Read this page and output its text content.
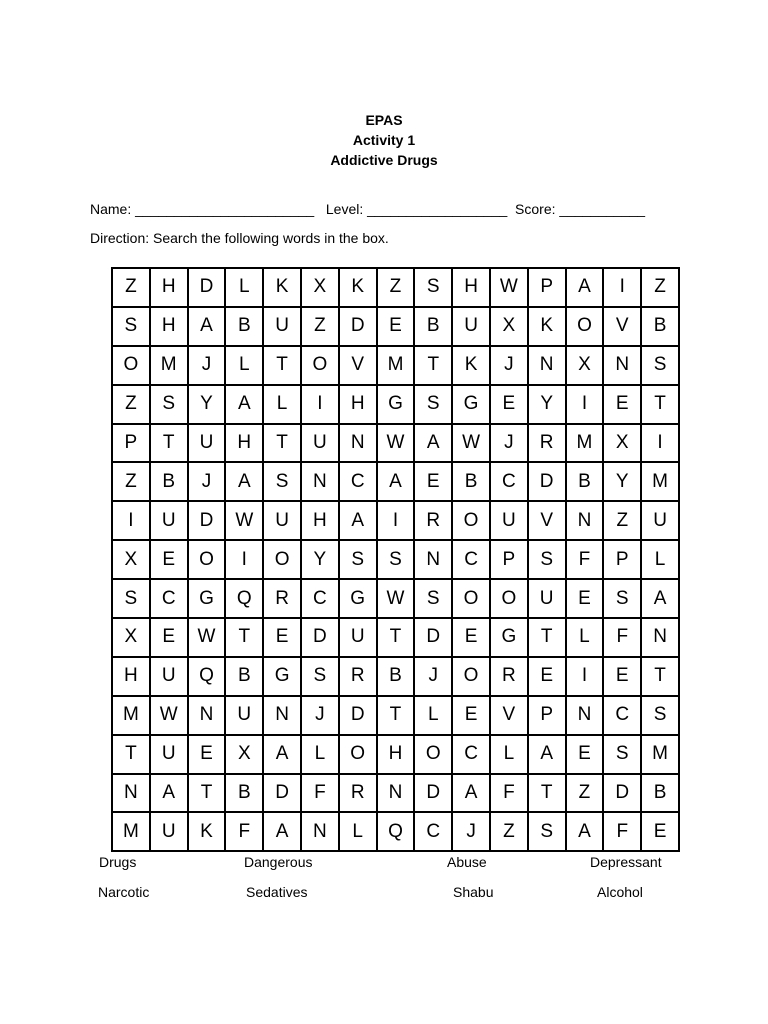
EPAS
Activity 1
Addictive Drugs
Name: _______________________   Level: __________________  Score: ___________
Direction: Search the following words in the box.
Z	H	D	L	K	X	K	Z	S	H	W	P	A	I	Z
S	H	A	B	U	Z	D	E	B	U	X	K	O	V	B
O	M	J	L	T	O	V	M	T	K	J	N	X	N	S
Z	S	Y	A	L	I	H	G	S	G	E	Y	I	E	T
P	T	U	H	T	U	N	W	A	W	J	R	M	X	I
Z	B	J	A	S	N	C	A	E	B	C	D	B	Y	M
I	U	D	W	U	H	A	I	R	O	U	V	N	Z	U
X	E	O	I	O	Y	S	S	N	C	P	S	F	P	L
S	C	G	Q	R	C	G	W	S	O	O	U	E	S	A
X	E	W	T	E	D	U	T	D	E	G	T	L	F	N
H	U	Q	B	G	S	R	B	J	O	R	E	I	E	T
M	W	N	U	N	J	D	T	L	E	V	P	N	C	S
T	U	E	X	A	L	O	H	O	C	L	A	E	S	M
N	A	T	B	D	F	R	N	D	A	F	T	Z	D	B
M	U	K	F	A	N	L	Q	C	J	Z	S	A	F	E
Drugs	Dangerous	Abuse	Depressant
Narcotic	Sedatives	Shabu	Alcohol
